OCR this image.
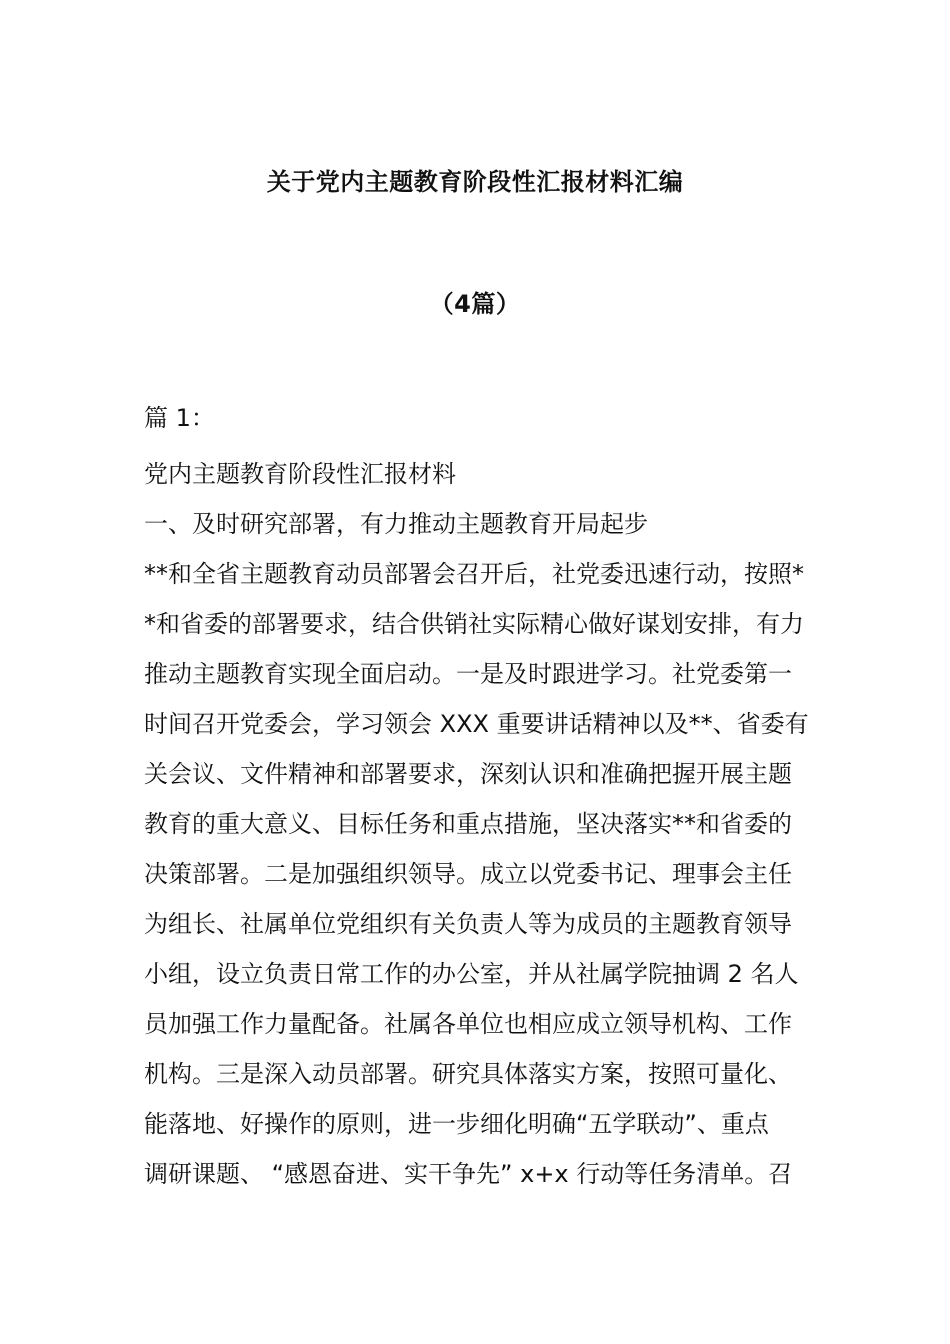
关于党内主题教育阶段性汇报材料汇编
（4篇）
篇 1：
党内主题教育阶段性汇报材料
一、及时研究部署，有力推动主题教育开局起步
**和全省主题教育动员部署会召开后，社党委迅速行动，按照*
*和省委的部署要求，结合供销社实际精心做好谋划安排，有力
推动主题教育实现全面启动。一是及时跟进学习。社党委第一
时间召开党委会，学习领会 XXX 重要讲话精神以及**、省委有
关会议、文件精神和部署要求，深刻认识和准确把握开展主题
教育的重大意义、目标任务和重点措施，坚决落实**和省委的
决策部署。二是加强组织领导。成立以党委书记、理事会主任
为组长、社属单位党组织有关负责人等为成员的主题教育领导
小组，设立负责日常工作的办公室，并从社属学院抽调 2 名人
员加强工作力量配备。社属各单位也相应成立领导机构、工作
机构。三是深入动员部署。研究具体落实方案，按照可量化、
能落地、好操作的原则，进一步细化明确“五学联动”、重点
调研课题、 “感恩奋进、实干争先” x+x 行动等任务清单。召
